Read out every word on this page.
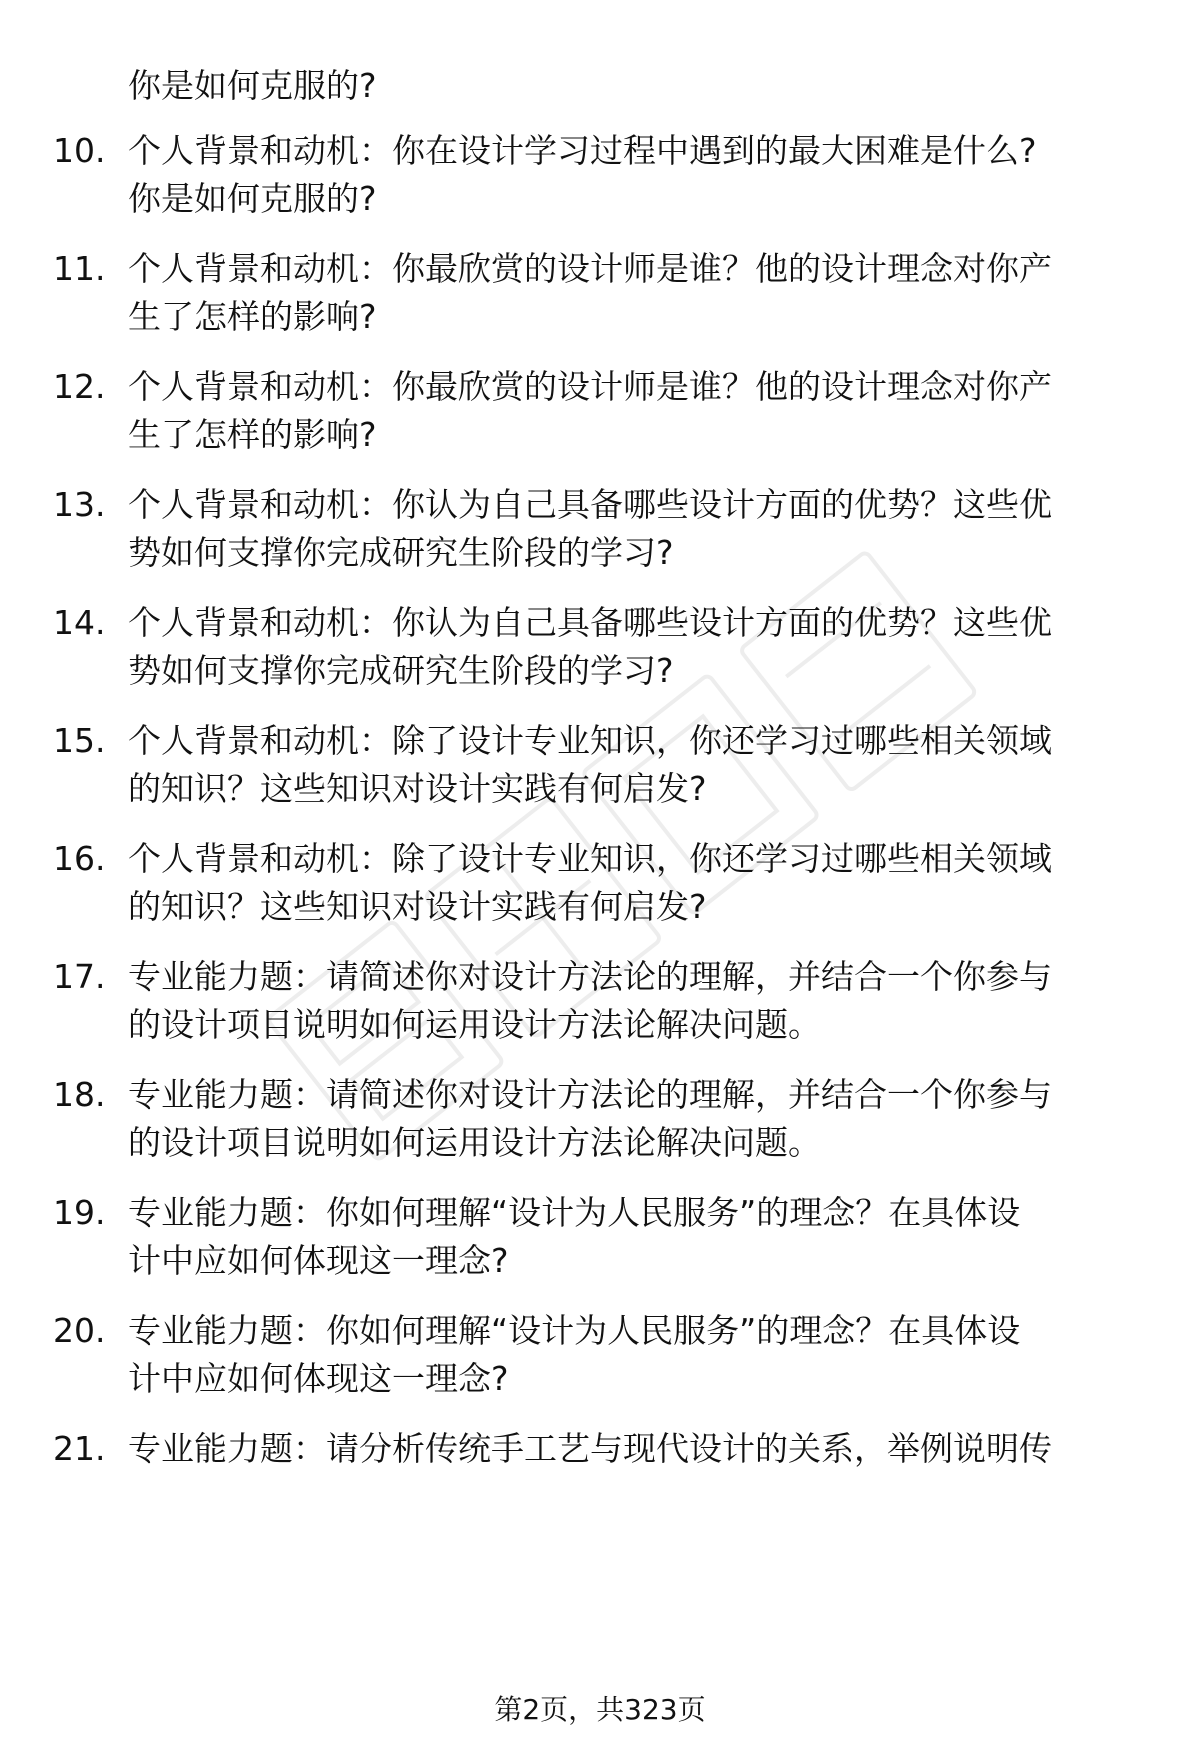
你是如何克服的?
10. 个人背景和动机：你在设计学习过程中遇到的最大困难是什么?
你是如何克服的?
11. 个人背景和动机：你最欣赏的设计师是谁？他的设计理念对你产
生了怎样的影响?
12. 个人背景和动机：你最欣赏的设计师是谁？他的设计理念对你产
生了怎样的影响?
13. 个人背景和动机：你认为自己具备哪些设计方面的优势？这些优
势如何支撑你完成研究生阶段的学习?
14. 个人背景和动机：你认为自己具备哪些设计方面的优势？这些优
势如何支撑你完成研究生阶段的学习?
15. 个人背景和动机：除了设计专业知识，你还学习过哪些相关领域
的知识？这些知识对设计实践有何启发?
16. 个人背景和动机：除了设计专业知识，你还学习过哪些相关领域
的知识？这些知识对设计实践有何启发?
17. 专业能力题：请简述你对设计方法论的理解，并结合一个你参与
的设计项目说明如何运用设计方法论解决问题。
18. 专业能力题：请简述你对设计方法论的理解，并结合一个你参与
的设计项目说明如何运用设计方法论解决问题。
19. 专业能力题：你如何理解“设计为人民服务”的理念？在具体设
计中应如何体现这一理念?
20. 专业能力题：你如何理解“设计为人民服务”的理念？在具体设
计中应如何体现这一理念?
21. 专业能力题：请分析传统手工艺与现代设计的关系，举例说明传
第2页，共323页
